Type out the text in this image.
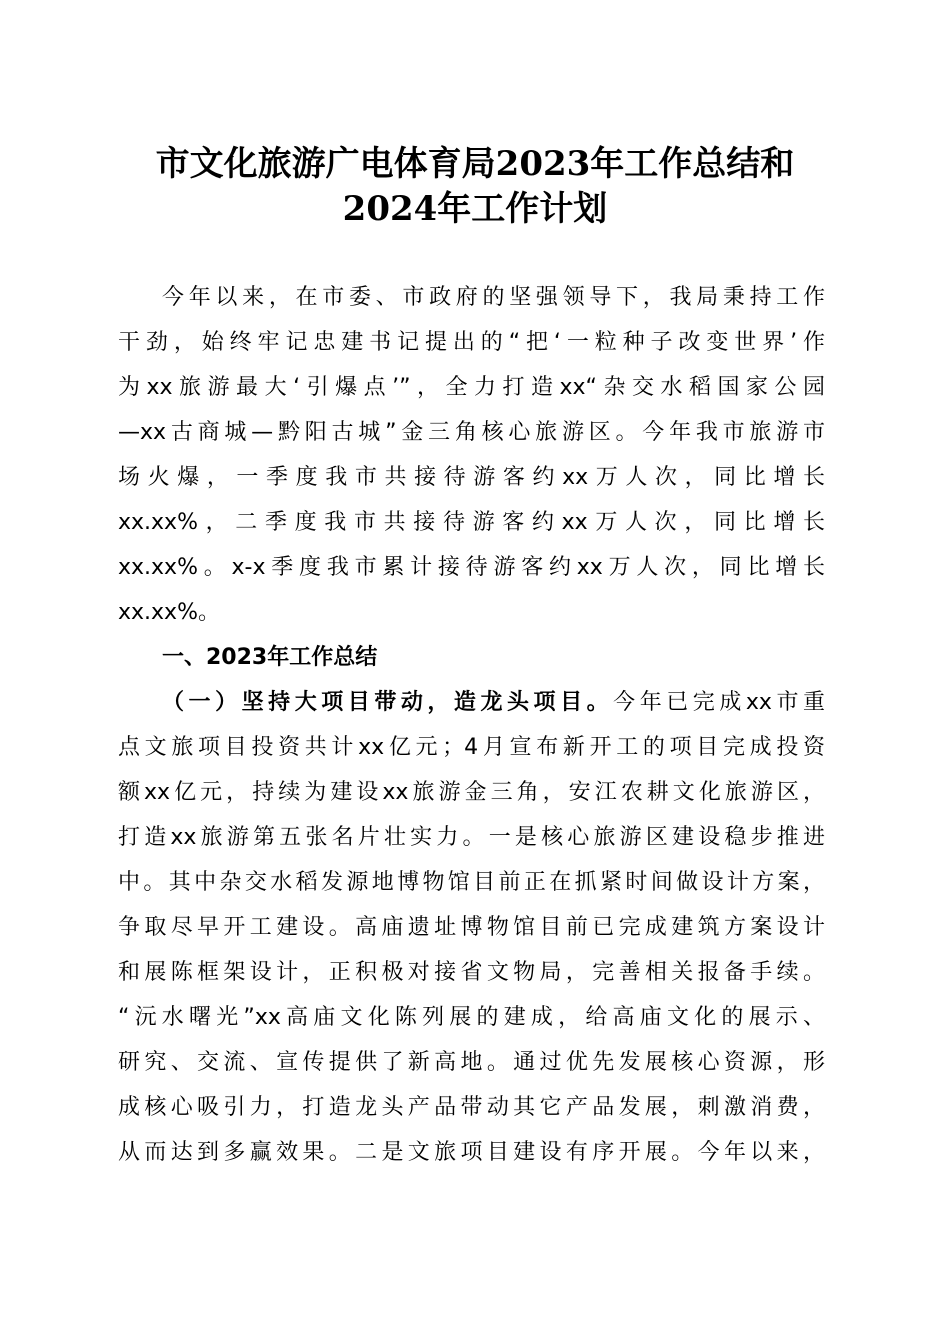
市文化旅游广电体育局2023年工作总结和
2024年工作计划
今年以来，在市委、市政府的坚强领导下，我局秉持工作
干劲，始终牢记忠建书记提出的“把‘一粒种子改变世界’作
为xx旅游最大‘引爆点’”，全力打造xx“杂交水稻国家公园
—xx古商城—黔阳古城”金三角核心旅游区。今年我市旅游市
场火爆，一季度我市共接待游客约xx万人次，同比增长
xx.xx%，二季度我市共接待游客约xx万人次，同比增长
xx.xx%。x-x季度我市累计接待游客约xx万人次，同比增长
xx.xx%。
一、2023年工作总结
（一）坚持大项目带动，造龙头项目。今年已完成xx市重
点文旅项目投资共计xx亿元；4月宣布新开工的项目完成投资
额xx亿元，持续为建设xx旅游金三角，安江农耕文化旅游区，
打造xx旅游第五张名片壮实力。一是核心旅游区建设稳步推进
中。其中杂交水稻发源地博物馆目前正在抓紧时间做设计方案，
争取尽早开工建设。高庙遗址博物馆目前已完成建筑方案设计
和展陈框架设计，正积极对接省文物局，完善相关报备手续。
“沅水曙光”xx高庙文化陈列展的建成，给高庙文化的展示、
研究、交流、宣传提供了新高地。通过优先发展核心资源，形
成核心吸引力，打造龙头产品带动其它产品发展，刺激消费，
从而达到多赢效果。二是文旅项目建设有序开展。今年以来，
